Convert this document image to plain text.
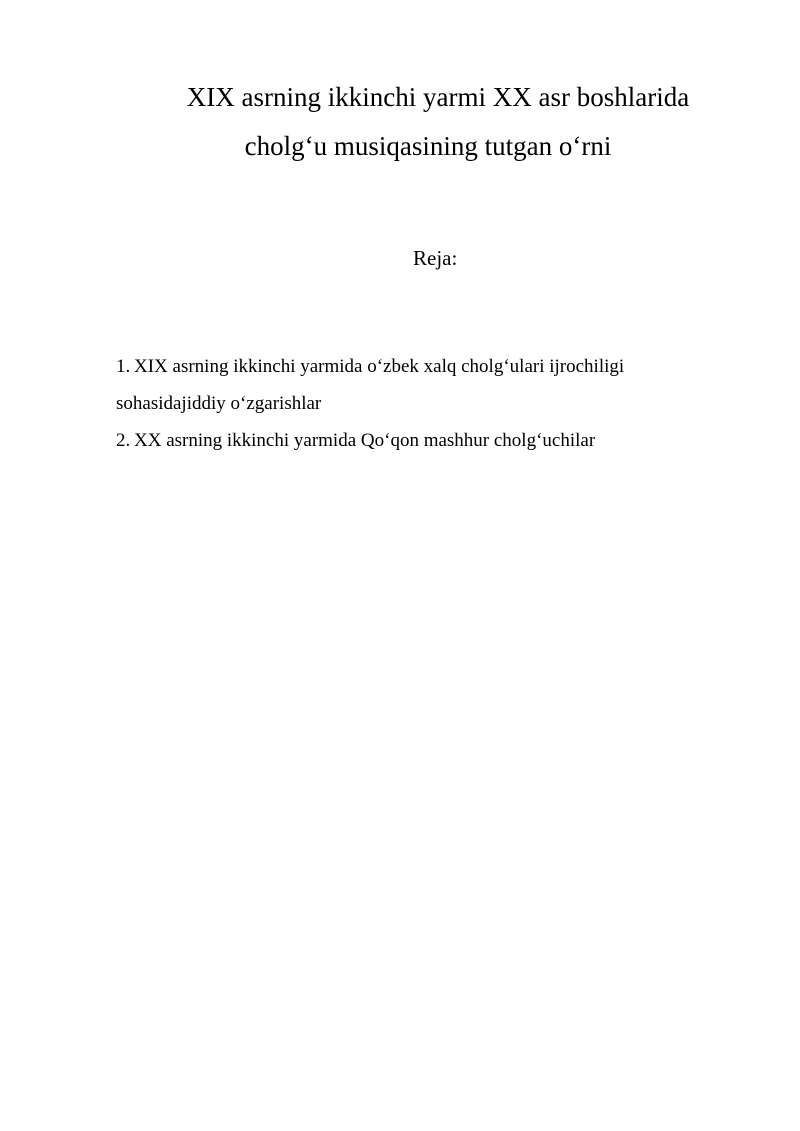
XIX asrning ikkinchi yarmi XX asr boshlarida
cholg‘u musiqasining tutgan o‘rni
Reja:
1. XIX asrning ikkinchi yarmida o‘zbek xalq cholg‘ulari ijrochiligi
sohasidajiddiy o‘zgarishlar
2. XX asrning ikkinchi yarmida Qo‘qon mashhur cholg‘uchilar
